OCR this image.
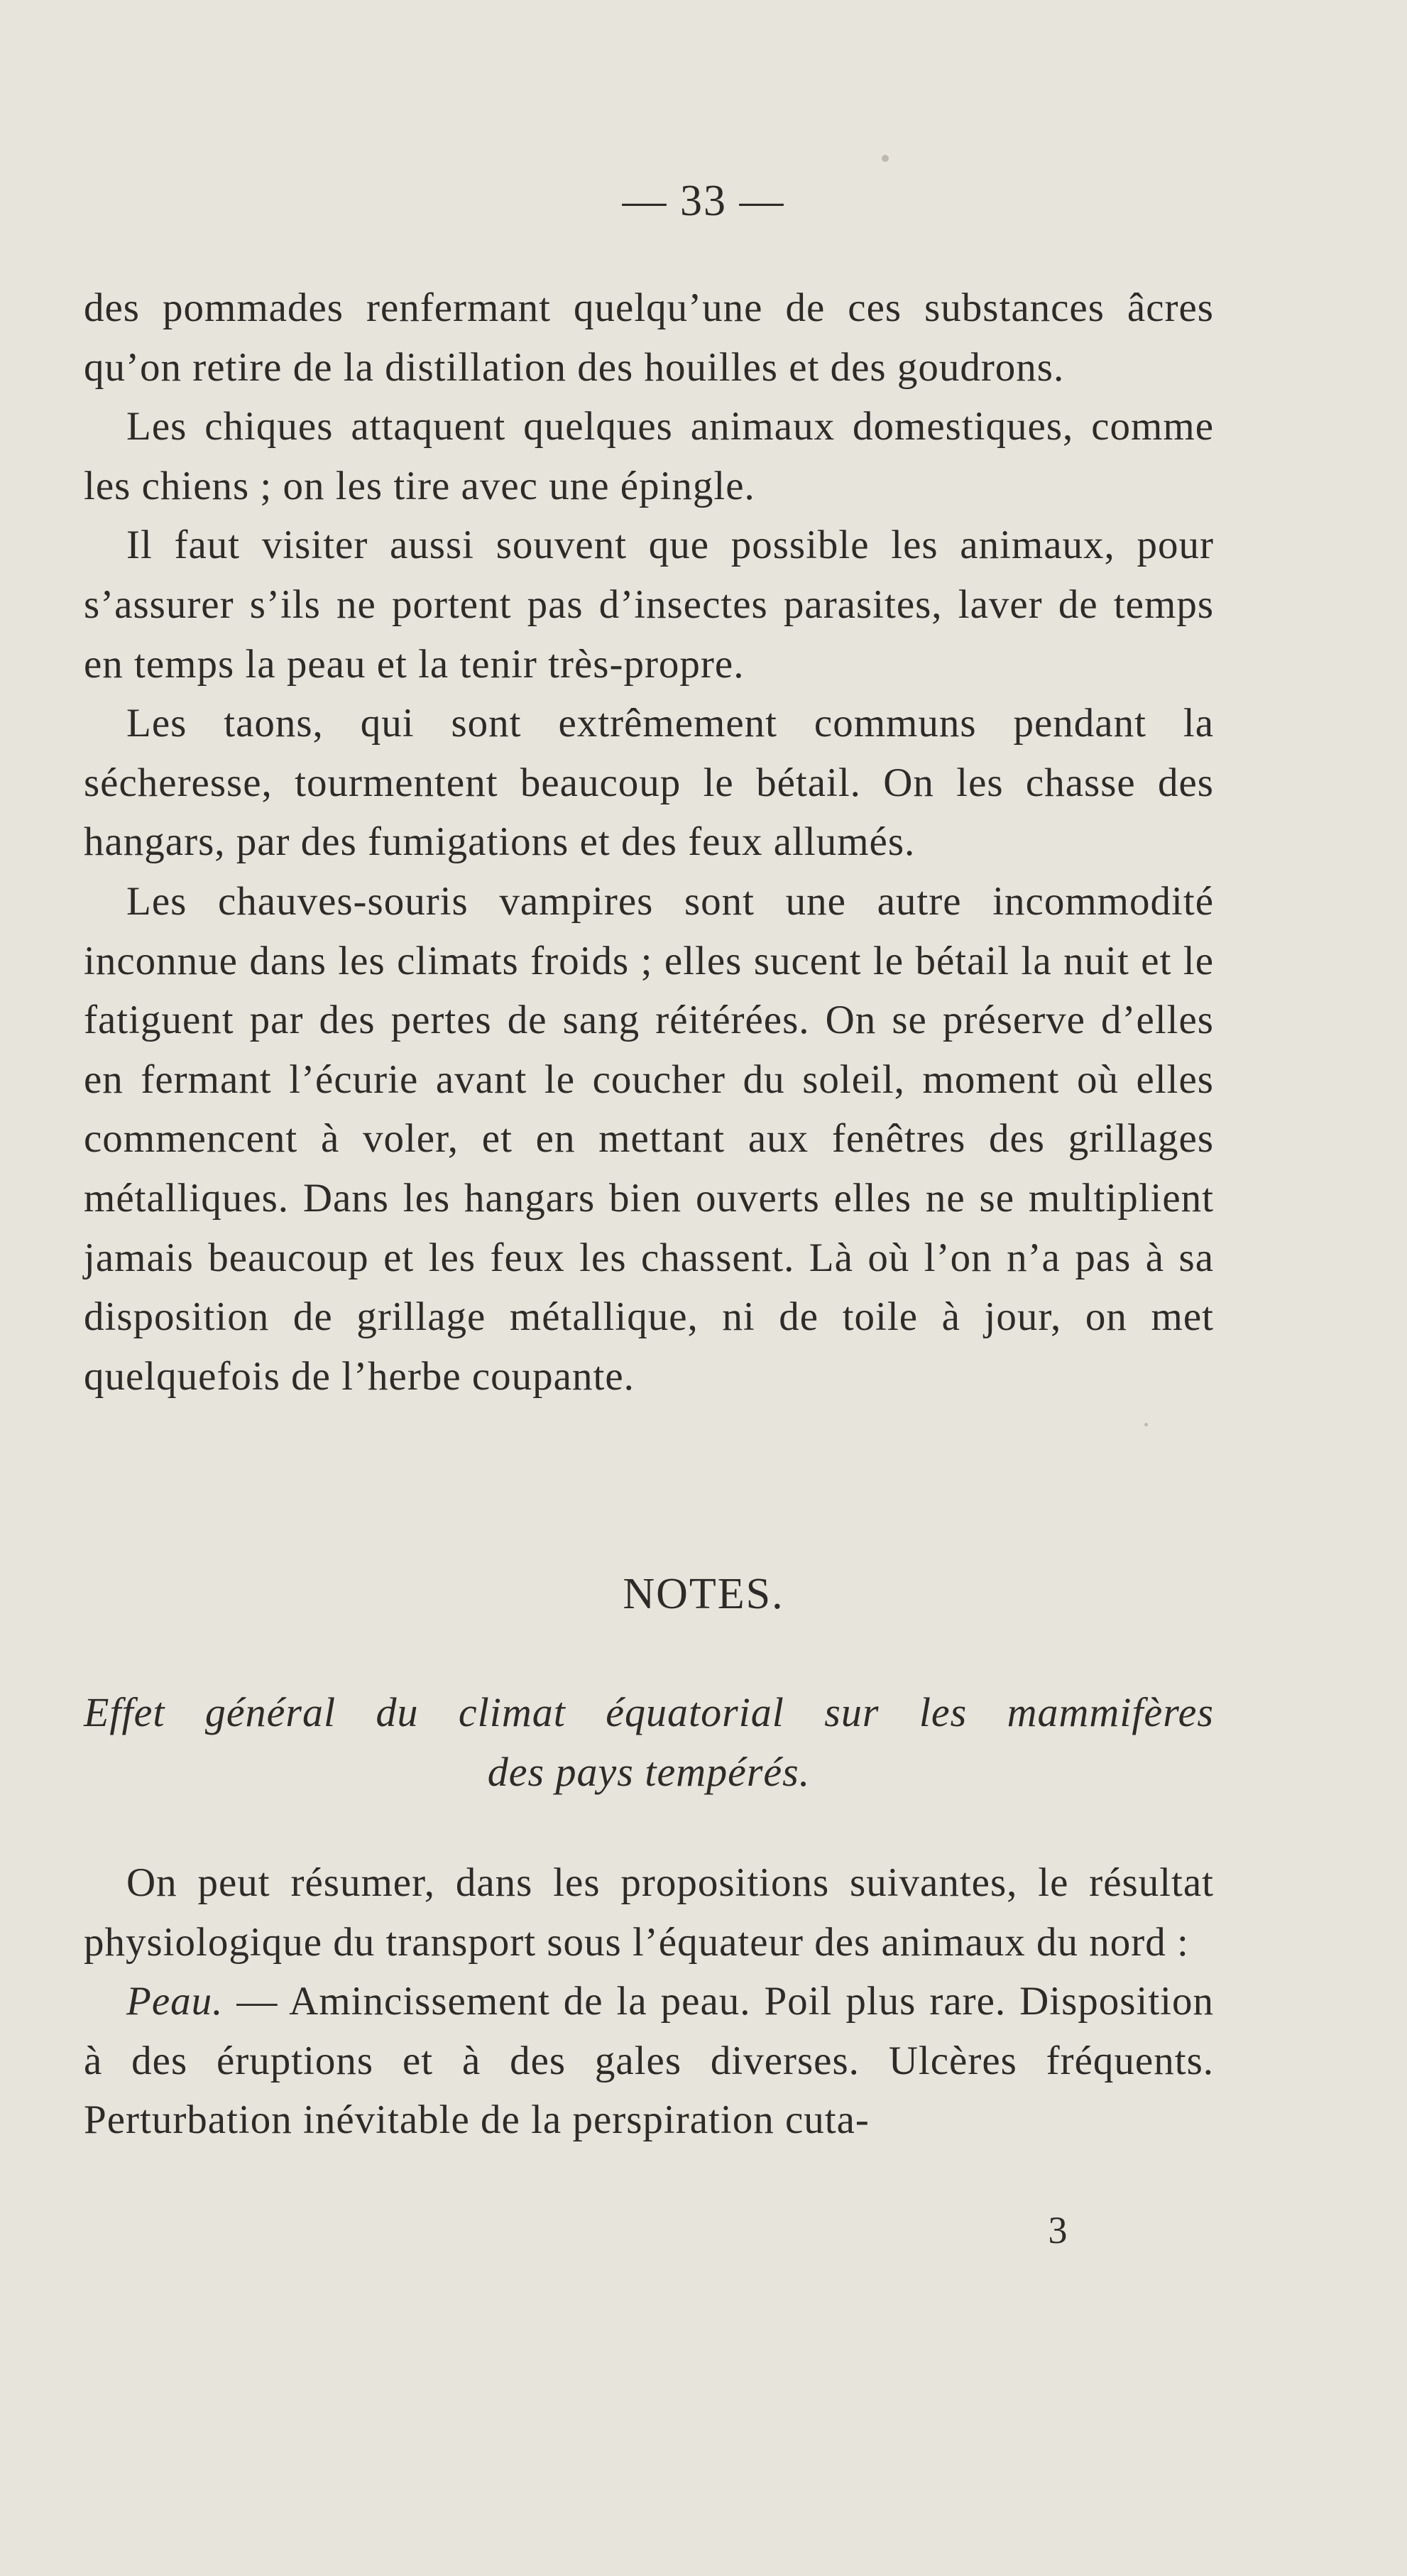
— 33 —

des pommades renfermant quelqu’une de ces substances âcres qu’on retire de la distillation des houilles et des goudrons.

Les chiques attaquent quelques animaux domestiques, comme les chiens ; on les tire avec une épingle.

Il faut visiter aussi souvent que possible les animaux, pour s’assurer s’ils ne portent pas d’insectes parasites, laver de temps en temps la peau et la tenir très-propre.

Les taons, qui sont extrêmement communs pendant la sécheresse, tourmentent beaucoup le bétail. On les chasse des hangars, par des fumigations et des feux allumés.

Les chauves-souris vampires sont une autre incommodité inconnue dans les climats froids ; elles sucent le bétail la nuit et le fatiguent par des pertes de sang réitérées. On se préserve d’elles en fermant l’écurie avant le coucher du soleil, moment où elles commencent à voler, et en mettant aux fenêtres des grillages métalliques. Dans les hangars bien ouverts elles ne se multiplient jamais beaucoup et les feux les chassent. Là où l’on n’a pas à sa disposition de grillage métallique, ni de toile à jour, on met quelquefois de l’herbe coupante.

NOTES.
Effet général du climat équatorial sur les mammifères
des pays tempérés.

On peut résumer, dans les propositions suivantes, le résultat physiologique du transport sous l’équateur des animaux du nord :

Peau. — Amincissement de la peau. Poil plus rare. Disposition à des éruptions et à des gales diverses. Ulcères fréquents. Perturbation inévitable de la perspiration cuta-

3
